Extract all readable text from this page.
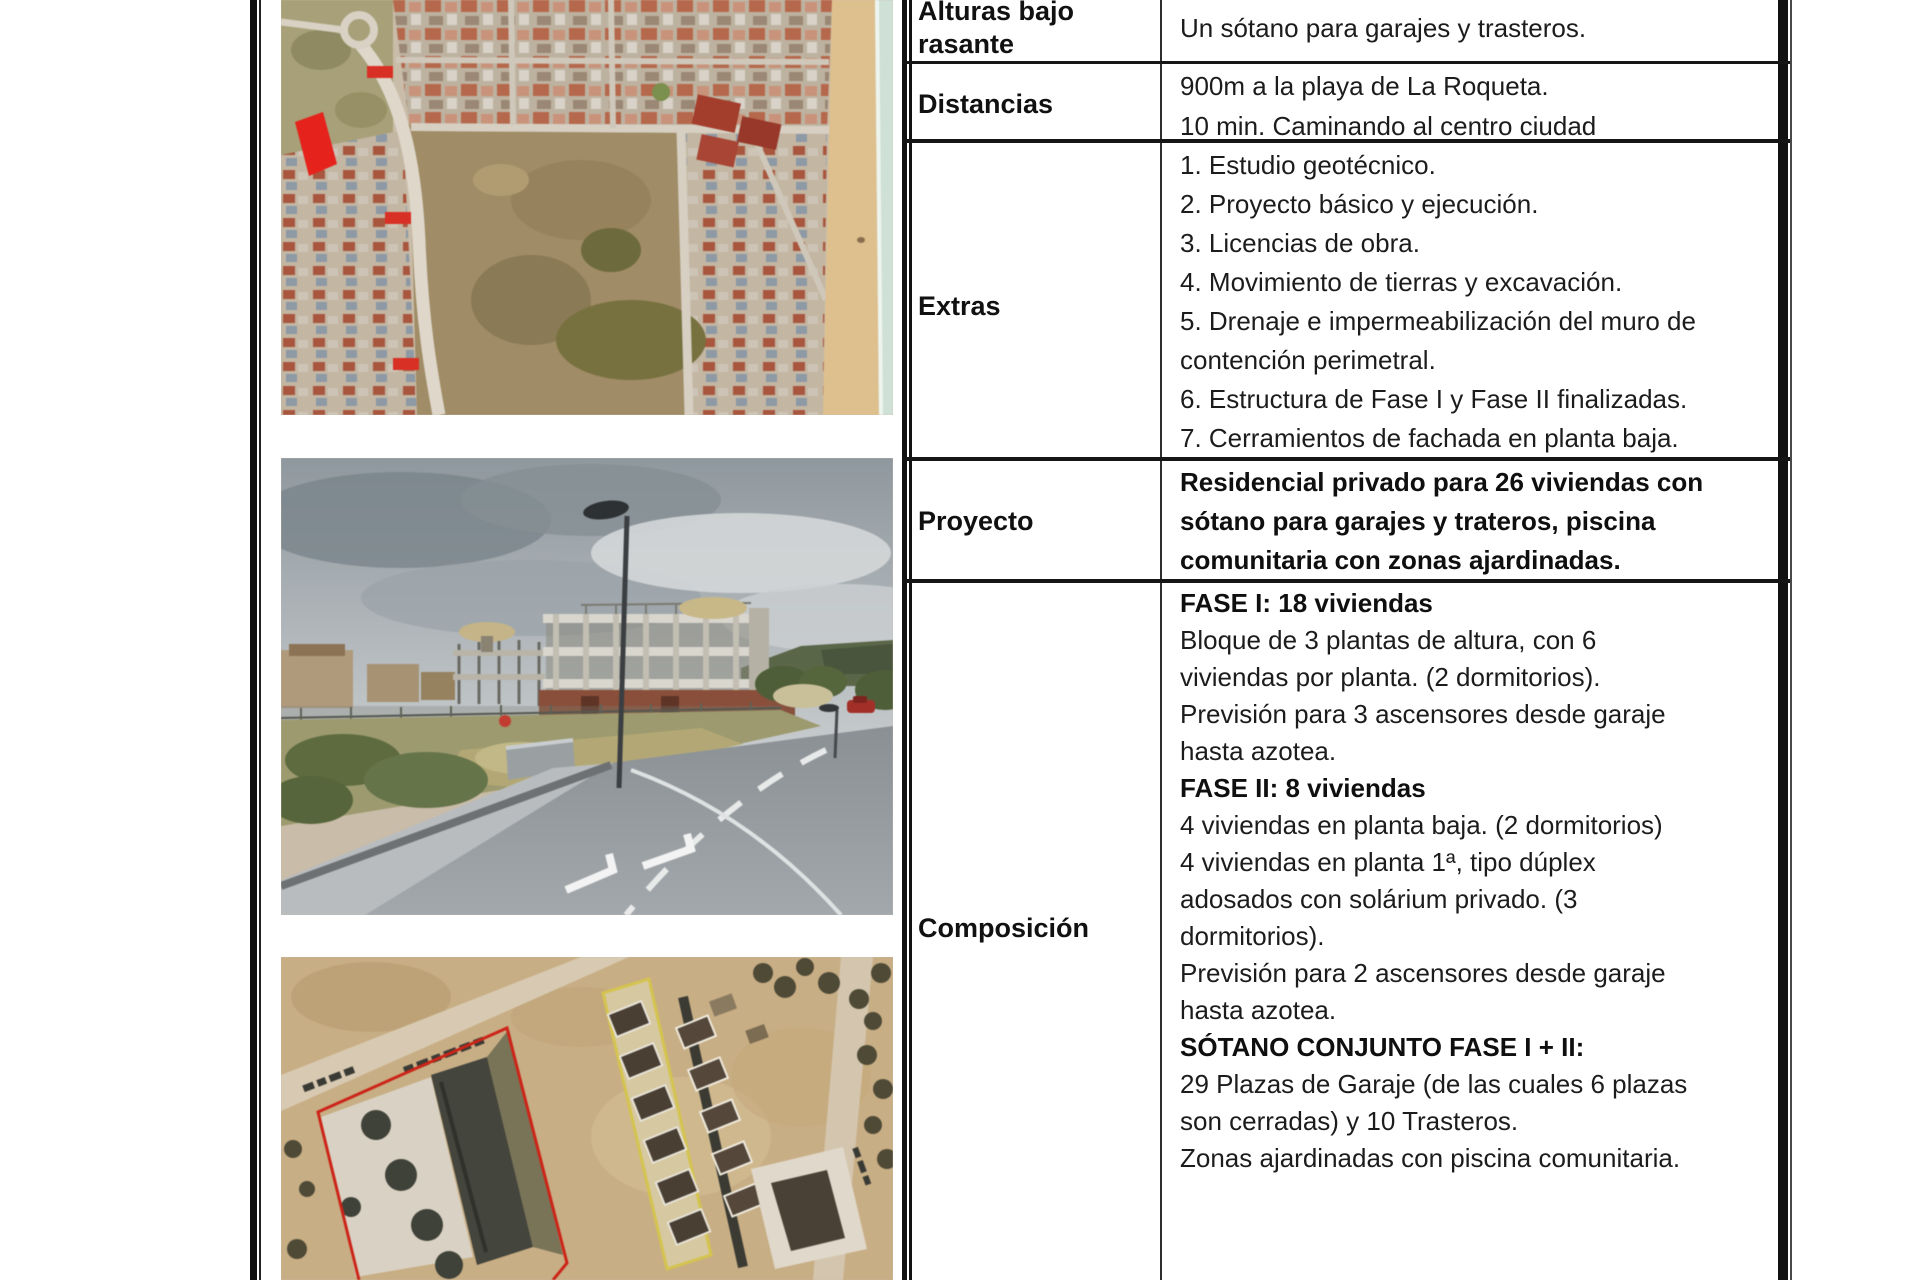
Alturas bajo
rasante
Distancias
Extras
Proyecto
Composición
Un sótano para garajes y trasteros.
900m a la playa de La Roqueta.
10 min. Caminando al centro ciudad
1. Estudio geotécnico.
2. Proyecto básico y ejecución.
3. Licencias de obra.
4. Movimiento de tierras y excavación.
5. Drenaje e impermeabilización del muro de
contención perimetral.
6. Estructura de Fase I y Fase II finalizadas.
7. Cerramientos de fachada en planta baja.
Residencial privado para 26 viviendas con
sótano para garajes y trateros, piscina
comunitaria con zonas ajardinadas.
FASE I: 18 viviendas
Bloque de 3 plantas de altura, con 6
viviendas por planta. (2 dormitorios).
Previsión para 3 ascensores desde garaje
hasta azotea.
FASE II: 8 viviendas
4 viviendas en planta baja. (2 dormitorios)
4 viviendas en planta 1ª, tipo dúplex
adosados con solárium privado. (3
dormitorios).
Previsión para 2 ascensores desde garaje
hasta azotea.
SÓTANO CONJUNTO FASE I + II:
29 Plazas de Garaje (de las cuales 6 plazas
son cerradas) y 10 Trasteros.
Zonas ajardinadas con piscina comunitaria.
